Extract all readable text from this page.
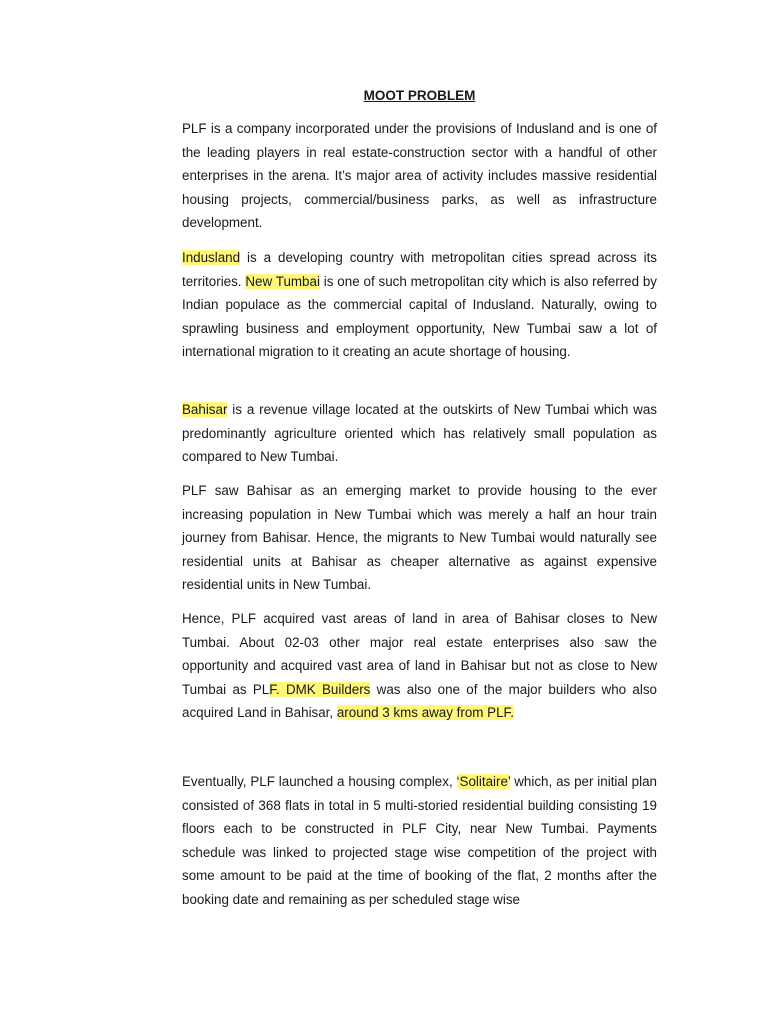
MOOT PROBLEM

PLF is a company incorporated under the provisions of Indusland and is one of the leading players in real estate-construction sector with a handful of other enterprises in the arena. It’s major area of activity includes massive residential housing projects, commercial/business parks, as well as infrastructure development.

Indusland is a developing country with metropolitan cities spread across its territories. New Tumbai is one of such metropolitan city which is also referred by Indian populace as the commercial capital of Indusland. Naturally, owing to sprawling business and employment opportunity, New Tumbai saw a lot of international migration to it creating an acute shortage of housing.

Bahisar is a revenue village located at the outskirts of New Tumbai which was predominantly agriculture oriented which has relatively small population as compared to New Tumbai.

PLF saw Bahisar as an emerging market to provide housing to the ever increasing population in New Tumbai which was merely a half an hour train journey from Bahisar. Hence, the migrants to New Tumbai would naturally see residential units at Bahisar as cheaper alternative as against expensive residential units in New Tumbai.

Hence, PLF acquired vast areas of land in area of Bahisar closes to New Tumbai. About 02-03 other major real estate enterprises also saw the opportunity and acquired vast area of land in Bahisar but not as close to New Tumbai as PLF. DMK Builders was also one of the major builders who also acquired Land in Bahisar, around 3 kms away from PLF.

Eventually, PLF launched a housing complex, ‘Solitaire’ which, as per initial plan consisted of 368 flats in total in 5 multi-storied residential building consisting 19 floors each to be constructed in PLF City, near New Tumbai. Payments schedule was linked to projected stage wise competition of the project with some amount to be paid at the time of booking of the flat, 2 months after the booking date and remaining as per scheduled stage wise
